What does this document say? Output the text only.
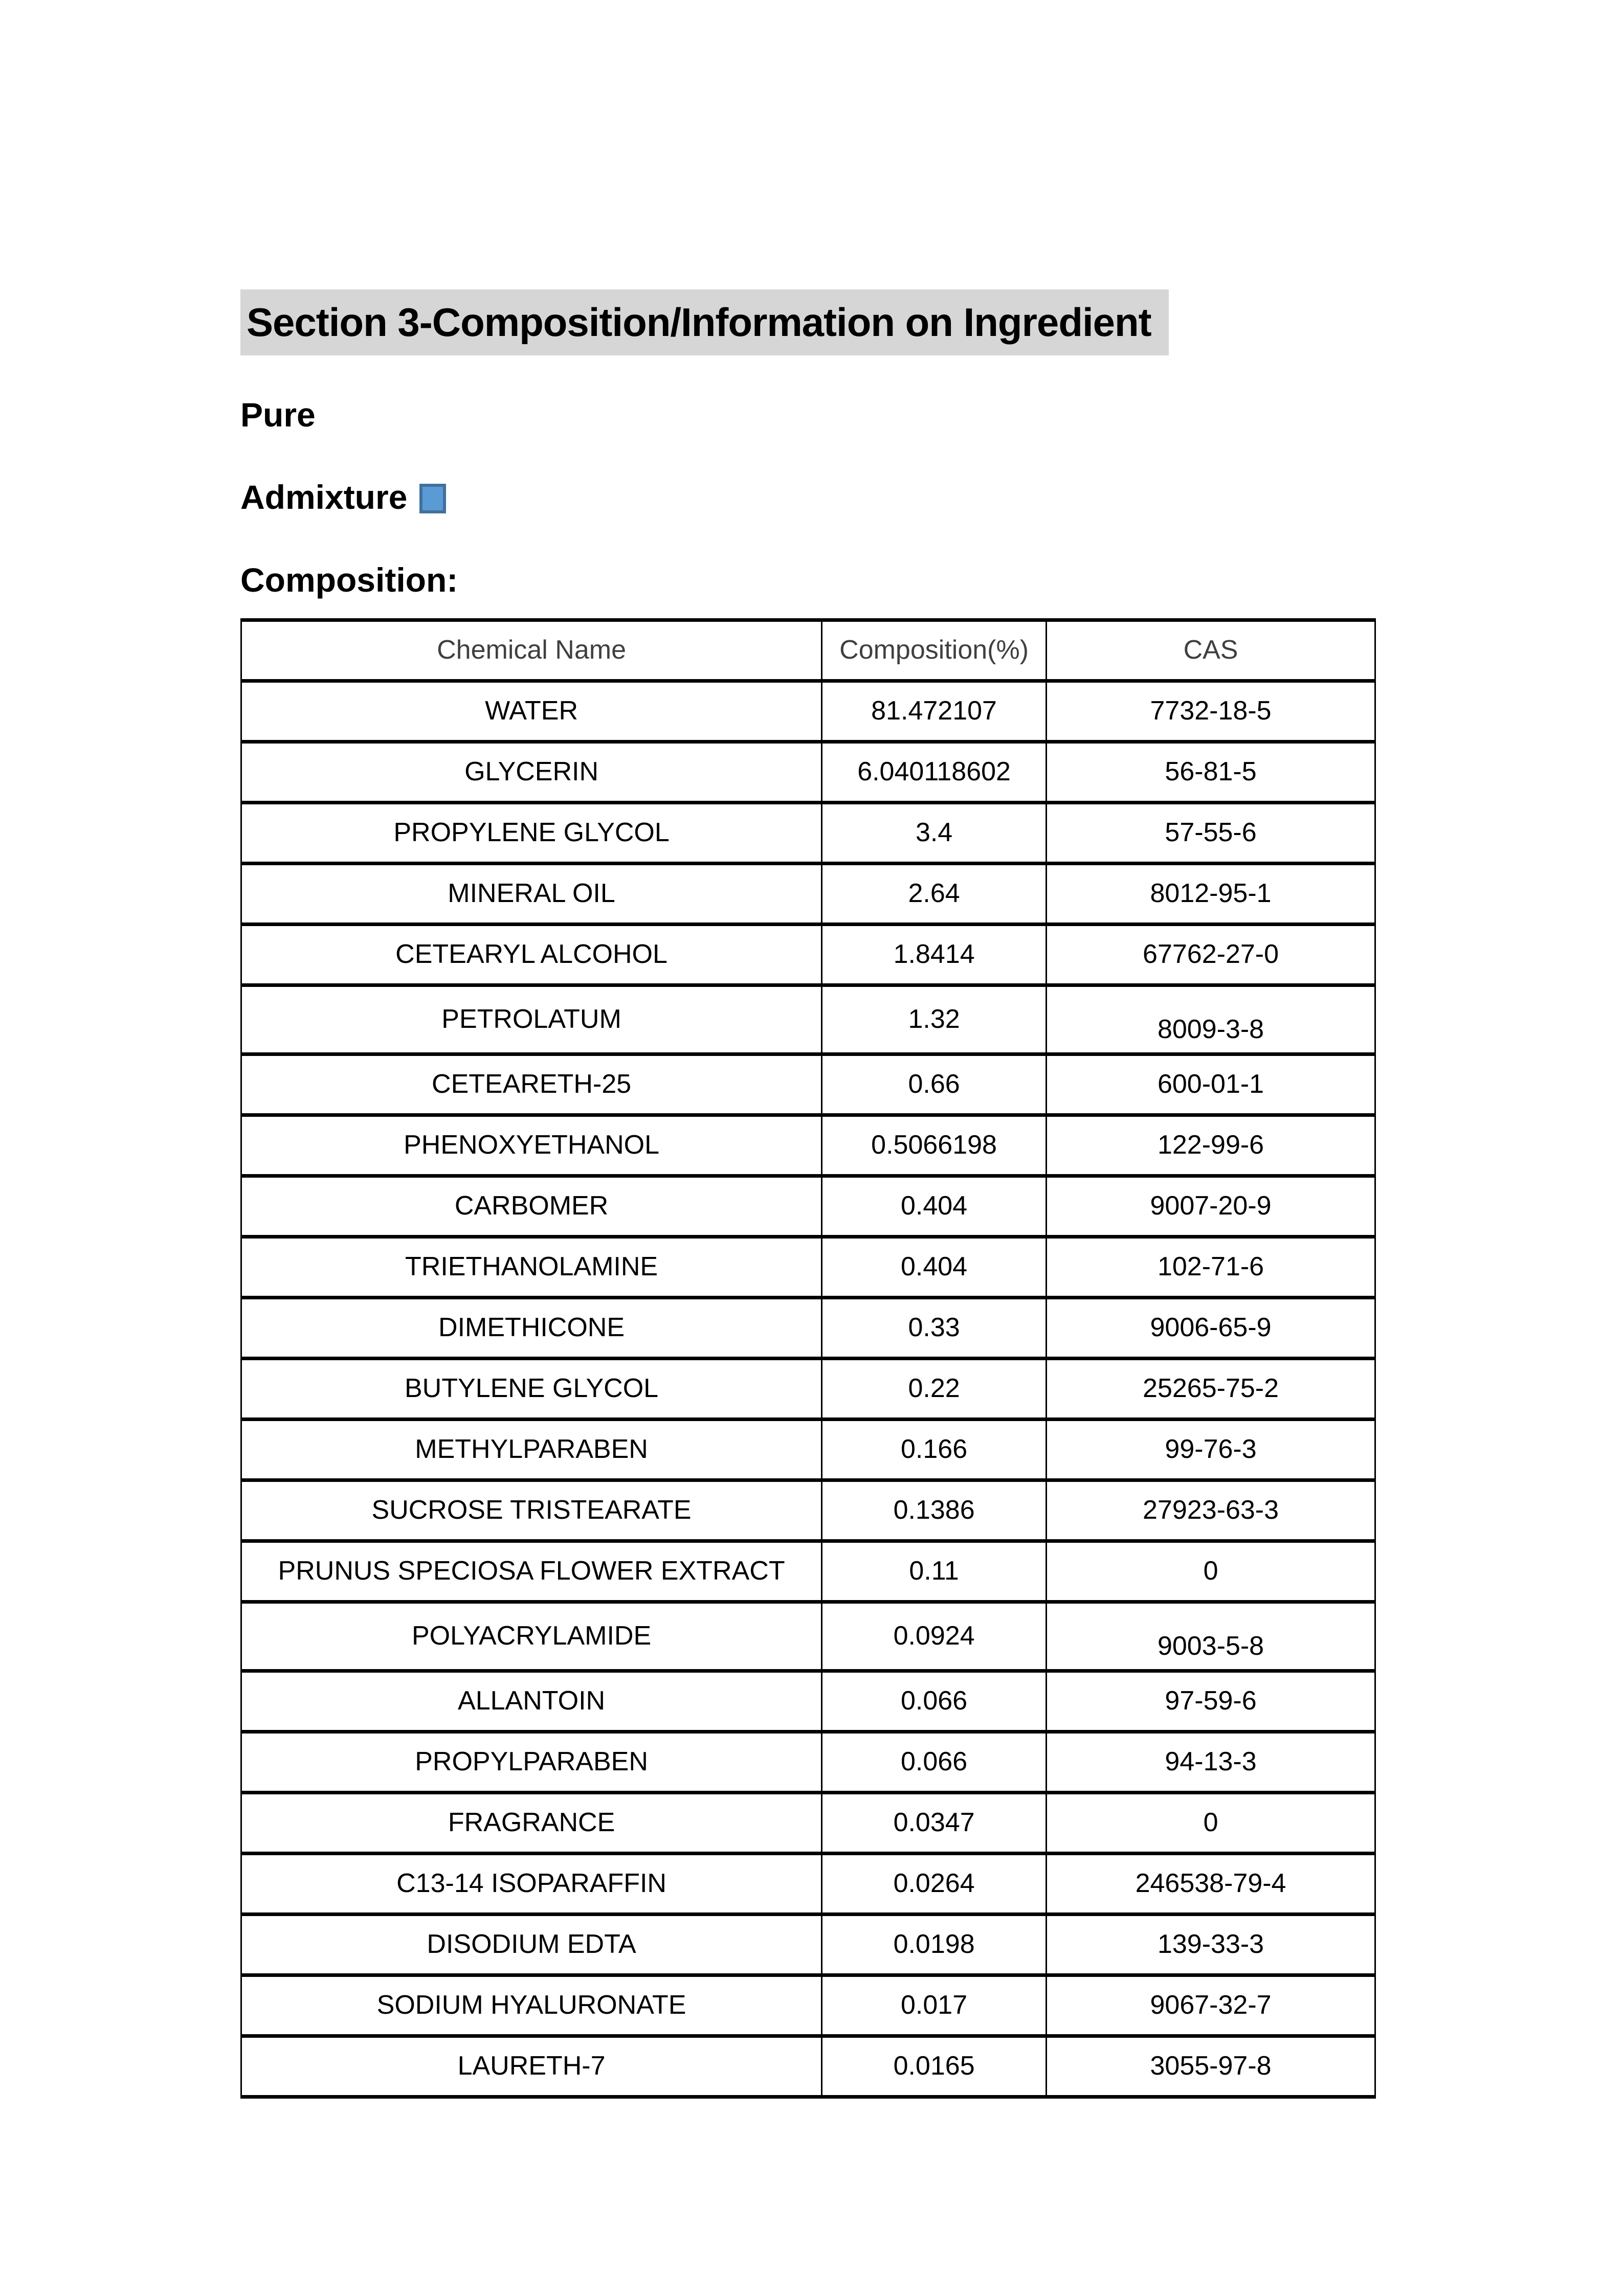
Section 3-Composition/Information on Ingredient
Pure
Admixture
Composition:
Chemical Name	Composition(%)	CAS
WATER	81.472107	7732-18-5
GLYCERIN	6.040118602	56-81-5
PROPYLENE GLYCOL	3.4	57-55-6
MINERAL OIL	2.64	8012-95-1
CETEARYL ALCOHOL	1.8414	67762-27-0
PETROLATUM	1.32	8009-3-8
CETEARETH-25	0.66	600-01-1
PHENOXYETHANOL	0.5066198	122-99-6
CARBOMER	0.404	9007-20-9
TRIETHANOLAMINE	0.404	102-71-6
DIMETHICONE	0.33	9006-65-9
BUTYLENE GLYCOL	0.22	25265-75-2
METHYLPARABEN	0.166	99-76-3
SUCROSE TRISTEARATE	0.1386	27923-63-3
PRUNUS SPECIOSA FLOWER EXTRACT	0.11	0
POLYACRYLAMIDE	0.0924	9003-5-8
ALLANTOIN	0.066	97-59-6
PROPYLPARABEN	0.066	94-13-3
FRAGRANCE	0.0347	0
C13-14 ISOPARAFFIN	0.0264	246538-79-4
DISODIUM EDTA	0.0198	139-33-3
SODIUM HYALURONATE	0.017	9067-32-7
LAURETH-7	0.0165	3055-97-8
